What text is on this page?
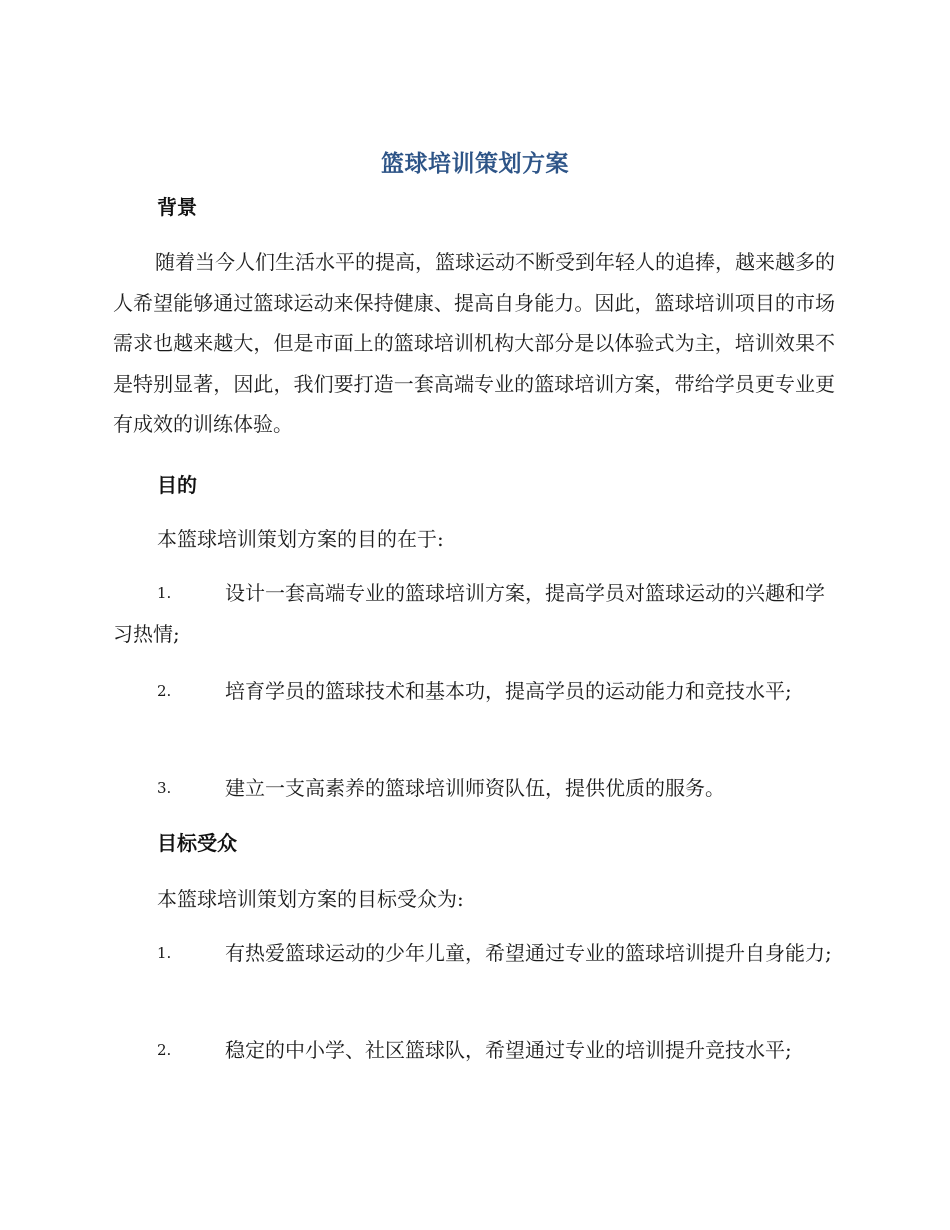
篮球培训策划方案
背景
随着当今人们生活水平的提高，篮球运动不断受到年轻人的追捧，越来越多的人希望能够通过篮球运动来保持健康、提高自身能力。因此，篮球培训项目的市场需求也越来越大，但是市面上的篮球培训机构大部分是以体验式为主，培训效果不是特别显著，因此，我们要打造一套高端专业的篮球培训方案，带给学员更专业更有成效的训练体验。
目的
本篮球培训策划方案的目的在于:
1.	设计一套高端专业的篮球培训方案，提高学员对篮球运动的兴趣和学习热情;
2.	培育学员的篮球技术和基本功，提高学员的运动能力和竞技水平;
3.	建立一支高素养的篮球培训师资队伍，提供优质的服务。
目标受众
本篮球培训策划方案的目标受众为:
1.	有热爱篮球运动的少年儿童，希望通过专业的篮球培训提升自身能力;
2.	稳定的中小学、社区篮球队，希望通过专业的培训提升竞技水平;
